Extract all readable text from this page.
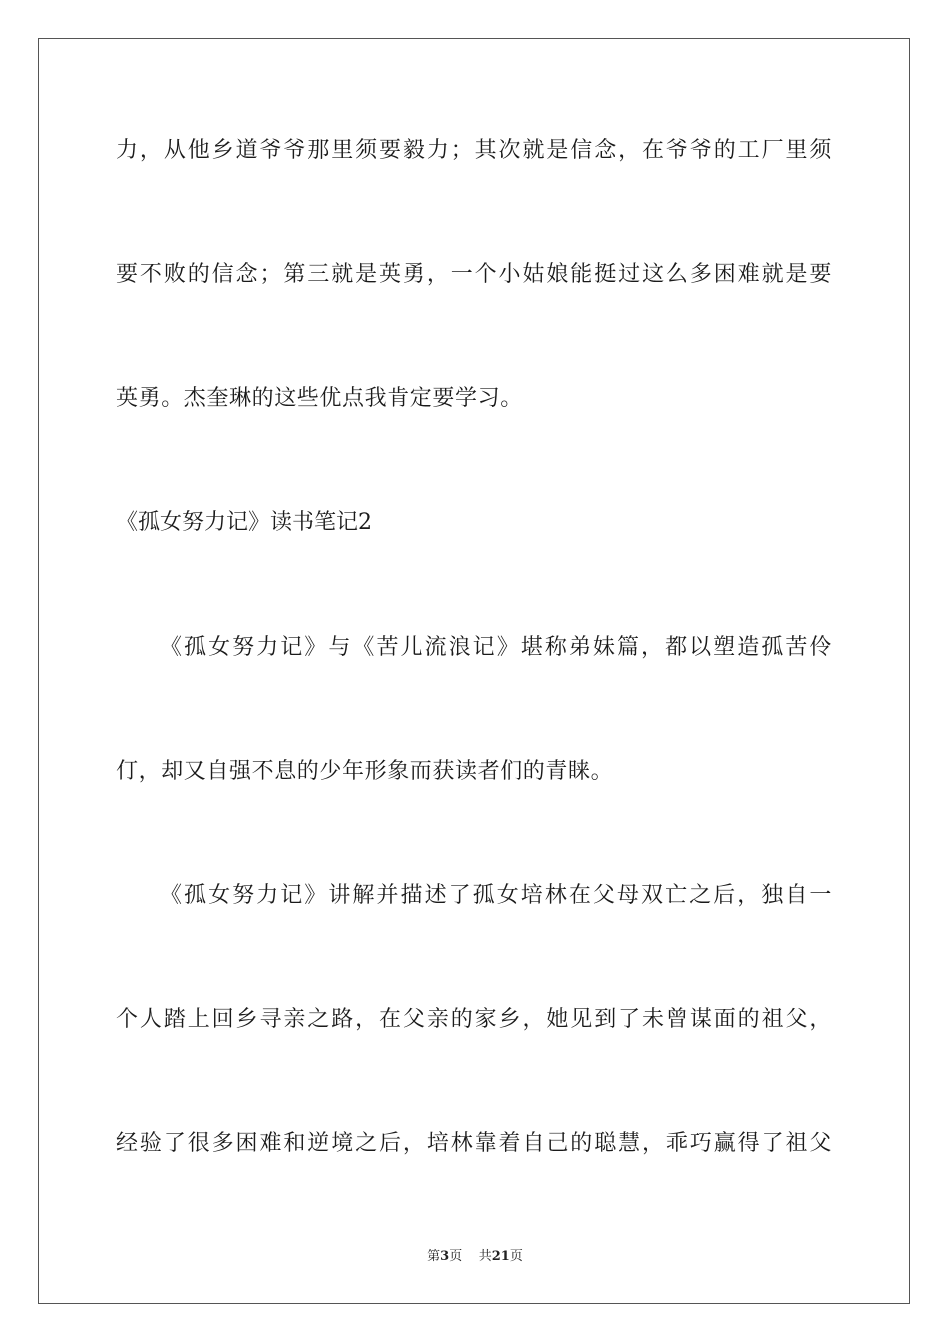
力，从他乡道爷爷那里须要毅力；其次就是信念，在爷爷的工厂里须
要不败的信念；第三就是英勇，一个小姑娘能挺过这么多困难就是要
英勇。杰奎琳的这些优点我肯定要学习。
《孤女努力记》读书笔记2
《孤女努力记》与《苦儿流浪记》堪称弟妹篇，都以塑造孤苦伶
仃，却又自强不息的少年形象而获读者们的青睐。
《孤女努力记》讲解并描述了孤女培林在父母双亡之后，独自一
个人踏上回乡寻亲之路，在父亲的家乡，她见到了未曾谋面的祖父，
经验了很多困难和逆境之后，培林靠着自己的聪慧，乖巧赢得了祖父
第3页 共21页
